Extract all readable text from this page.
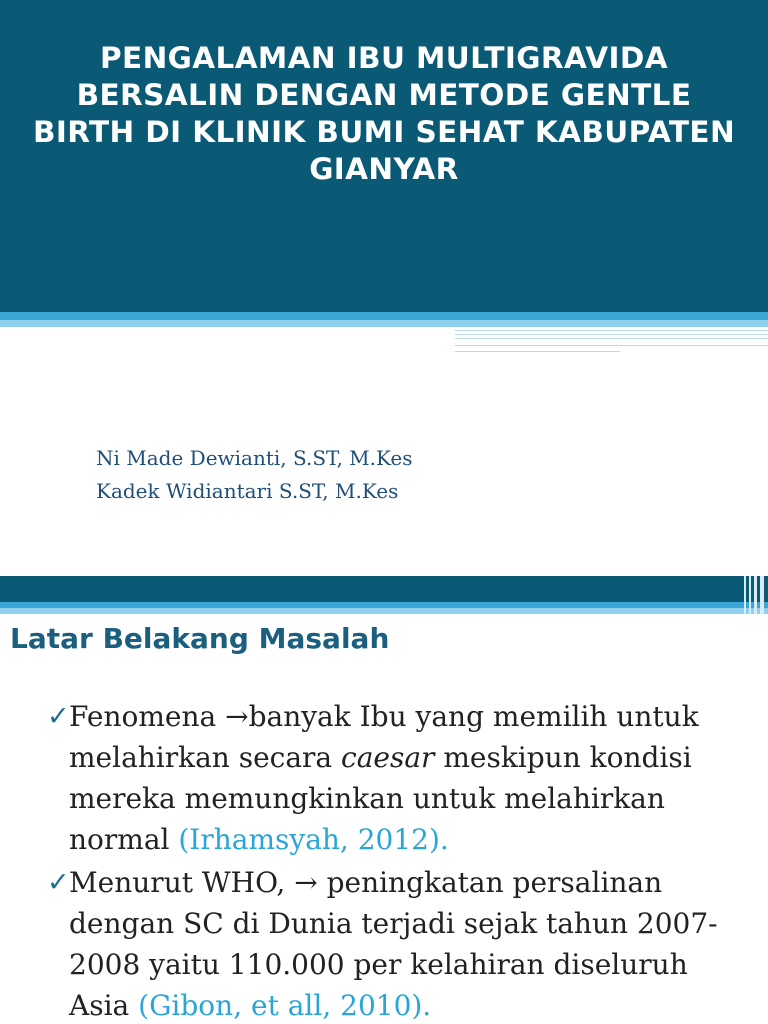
PENGALAMAN IBU MULTIGRAVIDA
BERSALIN DENGAN METODE GENTLE
BIRTH DI KLINIK BUMI SEHAT KABUPATEN
GIANYAR
Ni Made Dewianti, S.ST, M.Kes
Kadek Widiantari S.ST, M.Kes
Latar Belakang Masalah
✓ Fenomena →banyak Ibu yang memilih untuk melahirkan secara caesar meskipun kondisi mereka memungkinkan untuk melahirkan normal (Irhamsyah, 2012).
✓ Menurut WHO, → peningkatan persalinan dengan SC di Dunia terjadi sejak tahun 2007- 2008 yaitu 110.000 per kelahiran diseluruh Asia (Gibon, et all, 2010).
